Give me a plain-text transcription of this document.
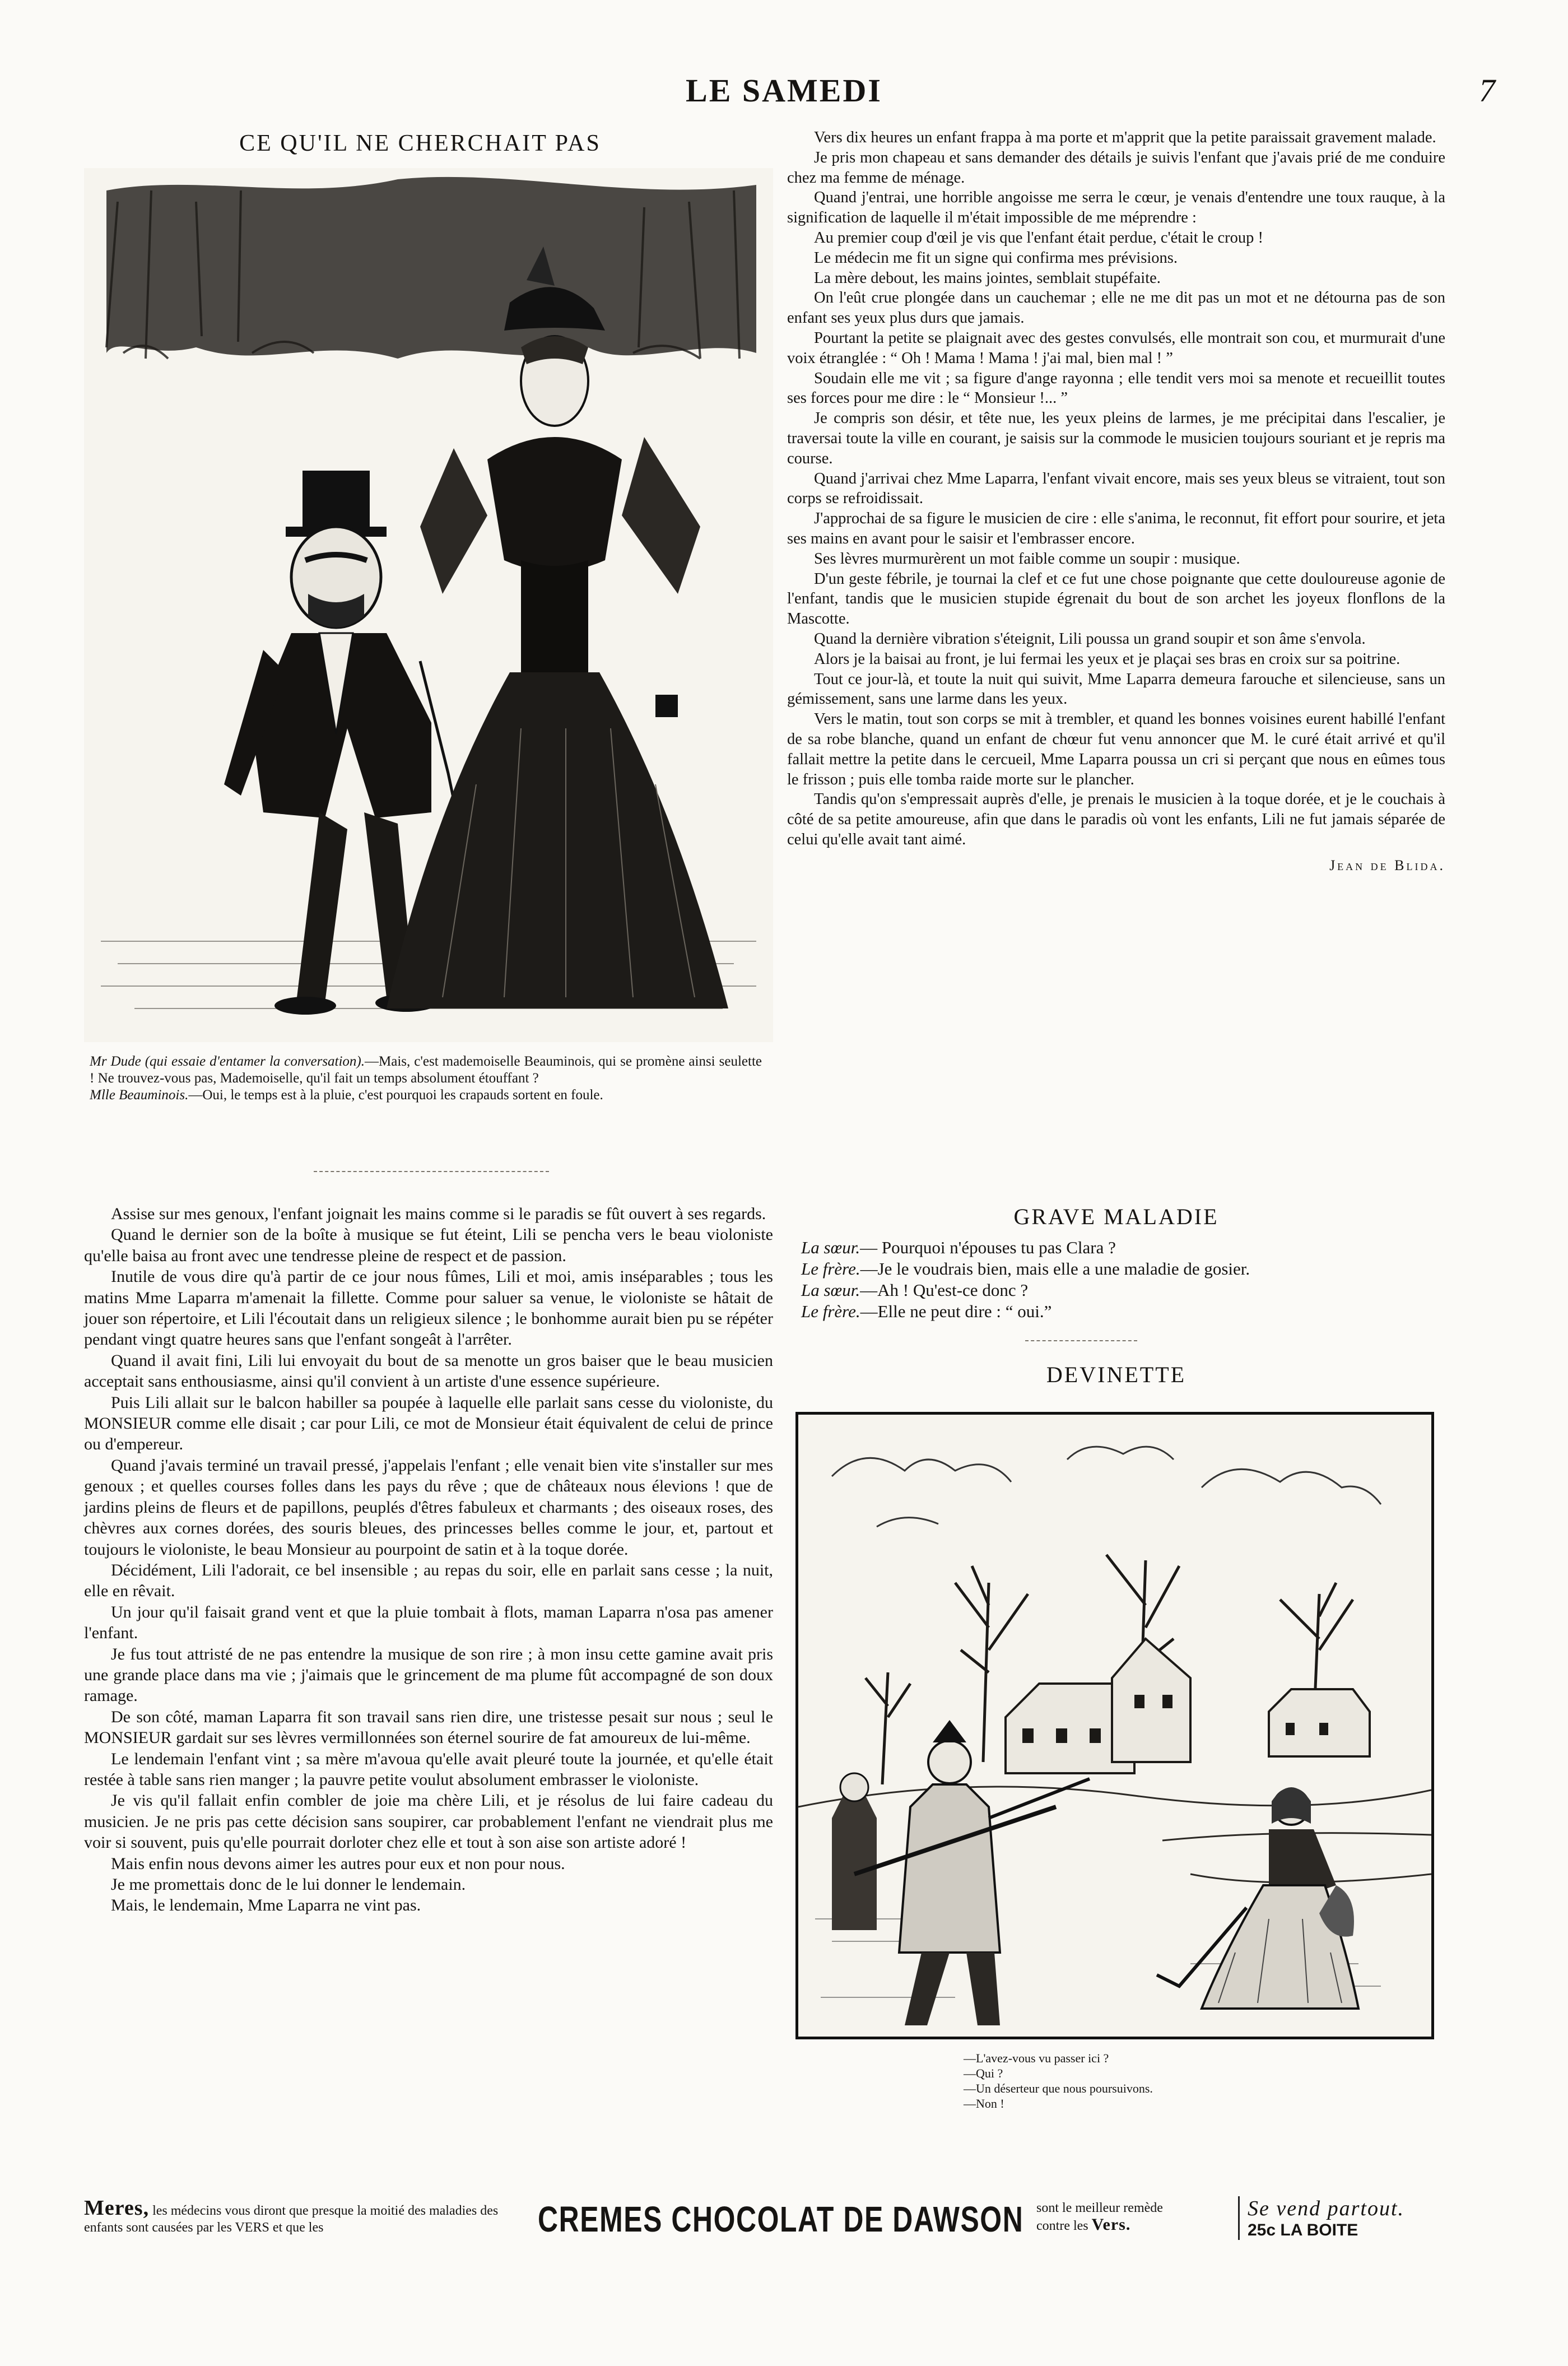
LE SAMEDI	7
CE QU'IL NE CHERCHAIT PAS

Mr Dude (qui essaie d'entamer la conversation).—Mais, c'est mademoiselle Beauminois, qui se promène ainsi seulette ! Ne trouvez-vous pas, Mademoiselle, qu'il fait un temps absolument étouffant ?

Mlle Beauminois.—Oui, le temps est à la pluie, c'est pourquoi les crapauds sortent en foule.

Assise sur mes genoux, l'enfant joignait les mains comme si le paradis se fût ouvert à ses regards.

Quand le dernier son de la boîte à musique se fut éteint, Lili se pencha vers le beau violoniste qu'elle baisa au front avec une tendresse pleine de respect et de passion.

Inutile de vous dire qu'à partir de ce jour nous fûmes, Lili et moi, amis inséparables ; tous les matins Mme Laparra m'amenait la fillette. Comme pour saluer sa venue, le violoniste se hâtait de jouer son répertoire, et Lili l'écoutait dans un religieux silence ; le bonhomme aurait bien pu se répéter pendant vingt quatre heures sans que l'enfant songeât à l'arrêter.

Quand il avait fini, Lili lui envoyait du bout de sa menotte un gros baiser que le beau musicien acceptait sans enthousiasme, ainsi qu'il convient à un artiste d'une essence supérieure.

Puis Lili allait sur le balcon habiller sa poupée à laquelle elle parlait sans cesse du violoniste, du MONSIEUR comme elle disait ; car pour Lili, ce mot de Monsieur était équivalent de celui de prince ou d'empereur.

Quand j'avais terminé un travail pressé, j'appelais l'enfant ; elle venait bien vite s'installer sur mes genoux ; et quelles courses folles dans les pays du rêve ; que de châteaux nous élevions ! que de jardins pleins de fleurs et de papillons, peuplés d'êtres fabuleux et charmants ; des oiseaux roses, des chèvres aux cornes dorées, des souris bleues, des princesses belles comme le jour, et, partout et toujours le violoniste, le beau Monsieur au pourpoint de satin et à la toque dorée.

Décidément, Lili l'adorait, ce bel insensible ; au repas du soir, elle en parlait sans cesse ; la nuit, elle en rêvait.

Un jour qu'il faisait grand vent et que la pluie tombait à flots, maman Laparra n'osa pas amener l'enfant.

Je fus tout attristé de ne pas entendre la musique de son rire ; à mon insu cette gamine avait pris une grande place dans ma vie ; j'aimais que le grincement de ma plume fût accompagné de son doux ramage.

De son côté, maman Laparra fit son travail sans rien dire, une tristesse pesait sur nous ; seul le MONSIEUR gardait sur ses lèvres vermillonnées son éternel sourire de fat amoureux de lui-même.

Le lendemain l'enfant vint ; sa mère m'avoua qu'elle avait pleuré toute la journée, et qu'elle était restée à table sans rien manger ; la pauvre petite voulut absolument embrasser le violoniste.

Je vis qu'il fallait enfin combler de joie ma chère Lili, et je résolus de lui faire cadeau du musicien. Je ne pris pas cette décision sans soupirer, car probablement l'enfant ne viendrait plus me voir si souvent, puis qu'elle pourrait dorloter chez elle et tout à son aise son artiste adoré !

Mais enfin nous devons aimer les autres pour eux et non pour nous.

Je me promettais donc de le lui donner le lendemain.

Mais, le lendemain, Mme Laparra ne vint pas.

Vers dix heures un enfant frappa à ma porte et m'apprit que la petite paraissait gravement malade.

Je pris mon chapeau et sans demander des détails je suivis l'enfant que j'avais prié de me conduire chez ma femme de ménage.

Quand j'entrai, une horrible angoisse me serra le cœur, je venais d'entendre une toux rauque, à la signification de laquelle il m'était impossible de me méprendre :

Au premier coup d'œil je vis que l'enfant était perdue, c'était le croup !

Le médecin me fit un signe qui confirma mes prévisions.

La mère debout, les mains jointes, semblait stupéfaite.

On l'eût crue plongée dans un cauchemar ; elle ne me dit pas un mot et ne détourna pas de son enfant ses yeux plus durs que jamais.

Pourtant la petite se plaignait avec des gestes convulsés, elle montrait son cou, et murmurait d'une voix étranglée : “ Oh ! Mama ! Mama ! j'ai mal, bien mal ! ”

Soudain elle me vit ; sa figure d'ange rayonna ; elle tendit vers moi sa menote et recueillit toutes ses forces pour me dire : le “ Monsieur !... ”

Je compris son désir, et tête nue, les yeux pleins de larmes, je me précipitai dans l'escalier, je traversai toute la ville en courant, je saisis sur la commode le musicien toujours souriant et je repris ma course.

Quand j'arrivai chez Mme Laparra, l'enfant vivait encore, mais ses yeux bleus se vitraient, tout son corps se refroidissait.

J'approchai de sa figure le musicien de cire : elle s'anima, le reconnut, fit effort pour sourire, et jeta ses mains en avant pour le saisir et l'embrasser encore.

Ses lèvres murmurèrent un mot faible comme un soupir : musique.

D'un geste fébrile, je tournai la clef et ce fut une chose poignante que cette douloureuse agonie de l'enfant, tandis que le musicien stupide égrenait du bout de son archet les joyeux flonflons de la Mascotte.

Quand la dernière vibration s'éteignit, Lili poussa un grand soupir et son âme s'envola.

Alors je la baisai au front, je lui fermai les yeux et je plaçai ses bras en croix sur sa poitrine.

Tout ce jour-là, et toute la nuit qui suivit, Mme Laparra demeura farouche et silencieuse, sans un gémissement, sans une larme dans les yeux.

Vers le matin, tout son corps se mit à trembler, et quand les bonnes voisines eurent habillé l'enfant de sa robe blanche, quand un enfant de chœur fut venu annoncer que M. le curé était arrivé et qu'il fallait mettre la petite dans le cercueil, Mme Laparra poussa un cri si perçant que nous en eûmes tous le frisson ; puis elle tomba raide morte sur le plancher.

Tandis qu'on s'empressait auprès d'elle, je prenais le musicien à la toque dorée, et je le couchais à côté de sa petite amoureuse, afin que dans le paradis où vont les enfants, Lili ne fut jamais séparée de celui qu'elle avait tant aimé.

Jean de Blida.
GRAVE MALADIE

La sœur.— Pourquoi n'épouses tu pas Clara ?

Le frère.—Je le voudrais bien, mais elle a une maladie de gosier.

La sœur.—Ah ! Qu'est-ce donc ?

Le frère.—Elle ne peut dire : “ oui.”

DEVINETTE

—L'avez-vous vu passer ici ?

—Qui ?

—Un déserteur que nous poursuivons.

—Non !

Meres, les médecins vous diront que presque la moitié des maladies des enfants sont causées par les VERS et que les	CREMES CHOCOLAT DE DAWSON sont le meilleur remède
contre les Vers.
Se vend partout.
25c LA BOITE
